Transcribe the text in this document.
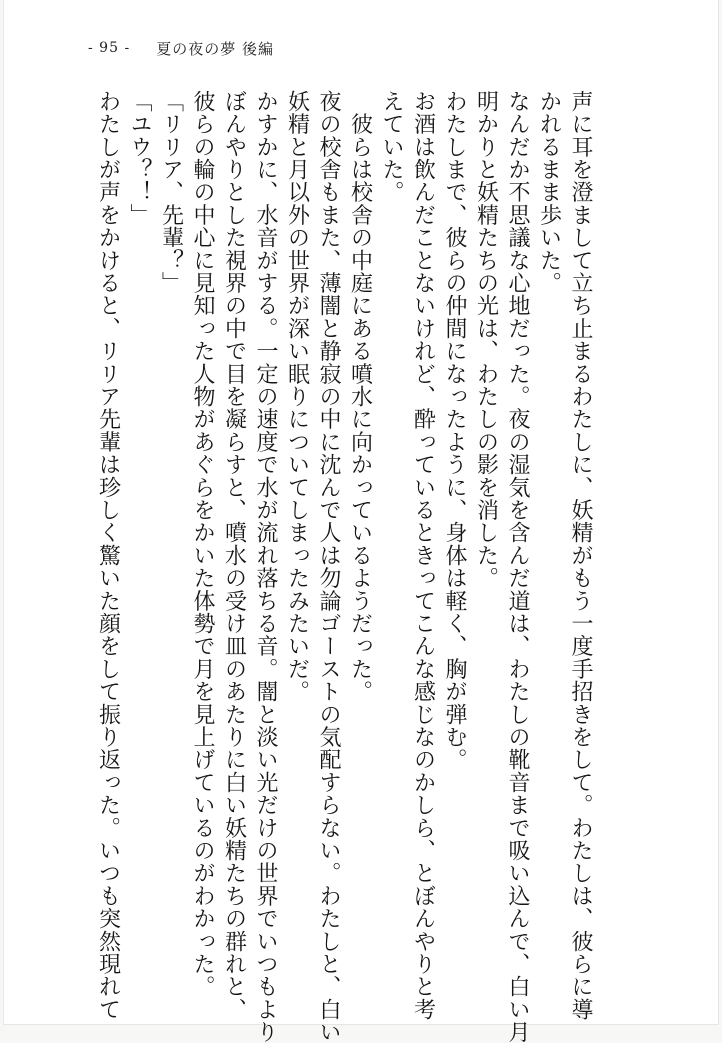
- 95 - 夏の夜の夢 後編
声に耳を澄まして立ち止まるわたしに、妖精がもう一度手招きをして。わたしは、彼らに導
かれるまま歩いた。
なんだか不思議な心地だった。夜の湿気を含んだ道は、わたしの靴音まで吸い込んで、白い月
明かりと妖精たちの光は、わたしの影を消した。
わたしまで、彼らの仲間になったように、身体は軽く、胸が弾む。
お酒は飲んだことないけれど、酔っているときってこんな感じなのかしら、とぼんやりと考
えていた。
　彼らは校舎の中庭にある噴水に向かっているようだった。
夜の校舎もまた、薄闇と静寂の中に沈んで人は勿論ゴーストの気配すらない。わたしと、白い
妖精と月以外の世界が深い眠りについてしまったみたいだ。
かすかに、水音がする。一定の速度で水が流れ落ちる音。闇と淡い光だけの世界でいつもより
ぼんやりとした視界の中で目を凝らすと、噴水の受け皿のあたりに白い妖精たちの群れと、
彼らの輪の中心に見知った人物があぐらをかいた体勢で月を見上げているのがわかった。
「リリア、先輩？」
「ユウ？！」
わたしが声をかけると、リリア先輩は珍しく驚いた顔をして振り返った。いつも突然現れて
